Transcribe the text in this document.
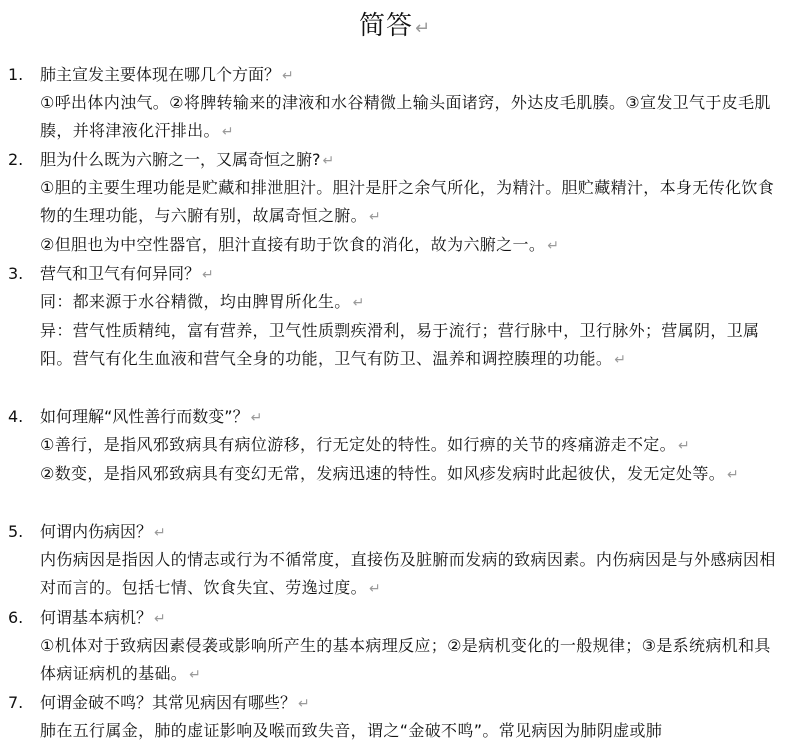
简答 ↵
1. 肺主宣发主要体现在哪几个方面？ ↵

①呼出体内浊气。②将脾转输来的津液和水谷精微上输头面诸窍，外达皮毛肌腠。③宣发卫气于皮毛肌腠，并将津液化汗排出。 ↵

2. 胆为什么既为六腑之一，又属奇恒之腑? ↵

①胆的主要生理功能是贮藏和排泄胆汁。胆汁是肝之余气所化，为精汁。胆贮藏精汁，本身无传化饮食物的生理功能，与六腑有别，故属奇恒之腑。 ↵

②但胆也为中空性器官，胆汁直接有助于饮食的消化，故为六腑之一。 ↵

3. 营气和卫气有何异同？ ↵

同：都来源于水谷精微，均由脾胃所化生。 ↵

异：营气性质精纯，富有营养，卫气性质剽疾滑利，易于流行；营行脉中，卫行脉外；营属阴，卫属阳。营气有化生血液和营气全身的功能，卫气有防卫、温养和调控腠理的功能。 ↵

4. 如何理解“风性善行而数变”？ ↵

①善行，是指风邪致病具有病位游移，行无定处的特性。如行痹的关节的疼痛游走不定。 ↵

②数变，是指风邪致病具有变幻无常，发病迅速的特性。如风疹发病时此起彼伏，发无定处等。 ↵

5. 何谓内伤病因？ ↵

内伤病因是指因人的情志或行为不循常度，直接伤及脏腑而发病的致病因素。内伤病因是与外感病因相对而言的。包括七情、饮食失宜、劳逸过度。 ↵

6. 何谓基本病机？ ↵

①机体对于致病因素侵袭或影响所产生的基本病理反应；②是病机变化的一般规律；③是系统病机和具体病证病机的基础。 ↵

7. 何谓金破不鸣？其常见病因有哪些？ ↵

肺在五行属金，肺的虚证影响及喉而致失音，谓之“金破不鸣”。常见病因为肺阴虚或肺
